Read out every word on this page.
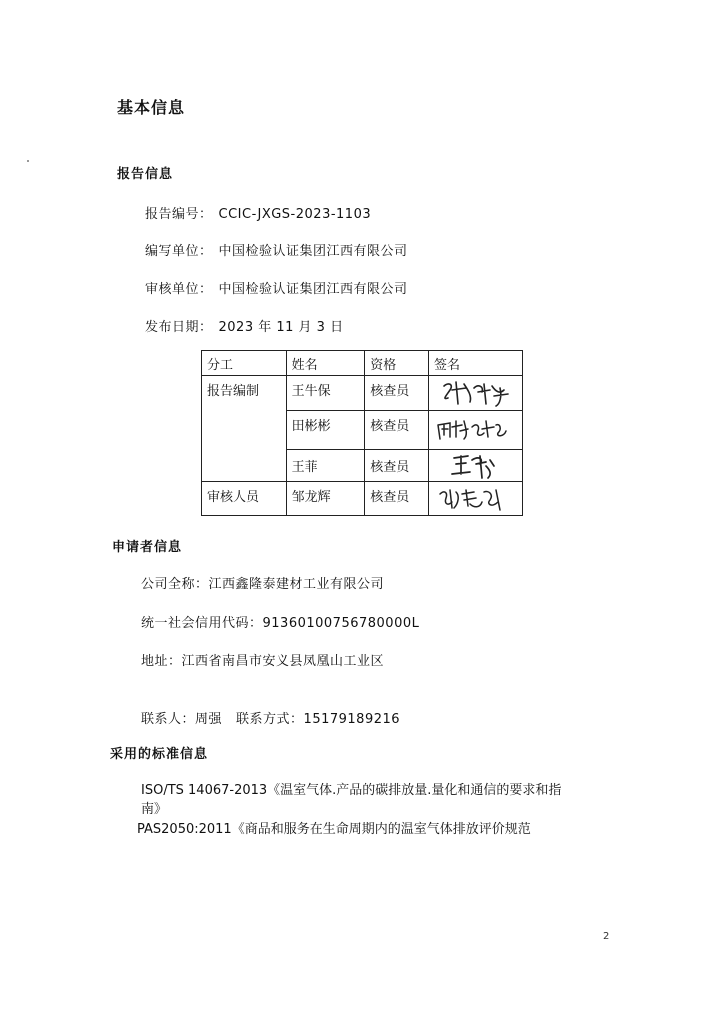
基本信息
报告信息
报告编号： CCIC-JXGS-2023-1103
编写单位： 中国检验认证集团江西有限公司
审核单位： 中国检验认证集团江西有限公司
发布日期： 2023 年 11 月 3 日
分工	姓名	资格	签名

报告编制	王牛保	核查员

	田彬彬	核查员

	王菲	核查员	

审核人员	邹龙辉	核查员

申请者信息
公司全称：江西鑫隆泰建材工业有限公司
统一社会信用代码：91360100756780000L
地址：江西省南昌市安义县凤凰山工业区
联系人：周强 联系方式：15179189216
采用的标准信息
ISO/TS 14067-2013《温室气体.产品的碳排放量.量化和通信的要求和指
南》
PAS2050:2011《商品和服务在生命周期内的温室气体排放评价规范
2
